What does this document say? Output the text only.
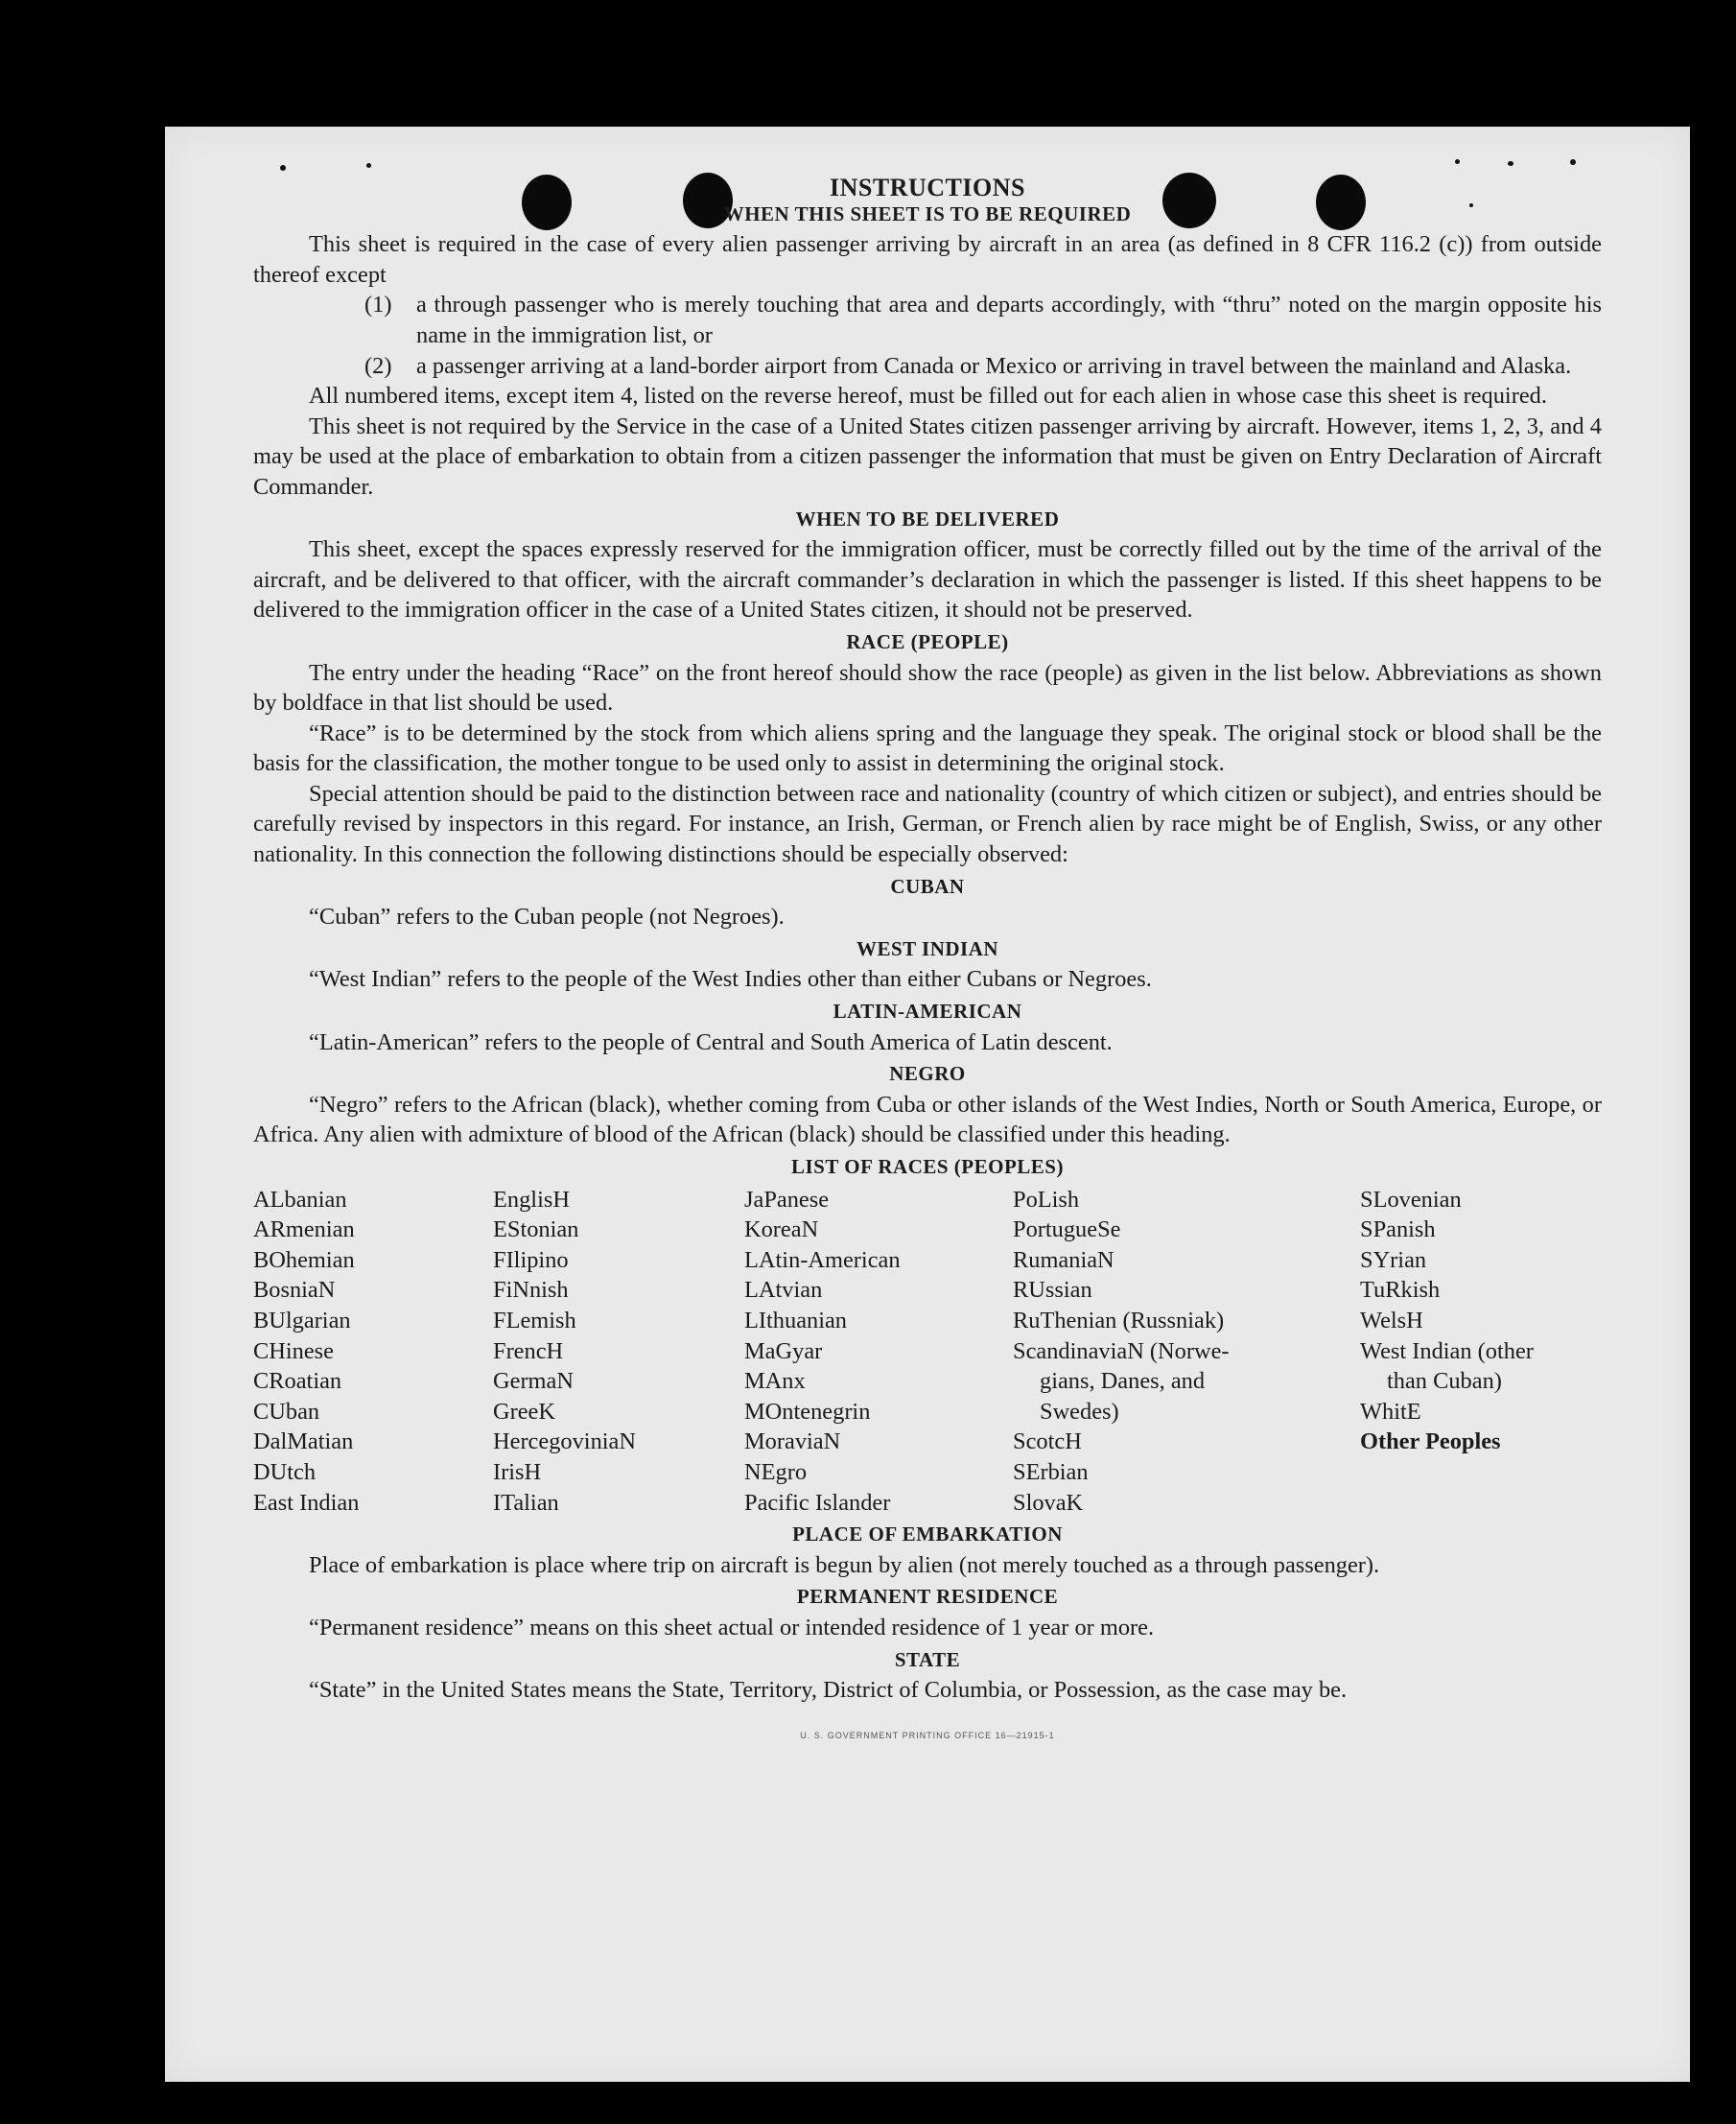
INSTRUCTIONS
WHEN THIS SHEET IS TO BE REQUIRED

This sheet is required in the case of every alien passenger arriving by aircraft in an area (as defined in 8 CFR 116.2 (c)) from outside thereof except

(1)	a through passenger who is merely touching that area and departs accordingly, with “thru” noted on the margin opposite his name in the immigration list, or
(2)	a passenger arriving at a land-border airport from Canada or Mexico or arriving in travel between the mainland and Alaska.

All numbered items, except item 4, listed on the reverse hereof, must be filled out for each alien in whose case this sheet is required.

This sheet is not required by the Service in the case of a United States citizen passenger arriving by aircraft. However, items 1, 2, 3, and 4 may be used at the place of embarkation to obtain from a citizen passenger the information that must be given on Entry Declaration of Aircraft Commander.

WHEN TO BE DELIVERED

This sheet, except the spaces expressly reserved for the immigration officer, must be correctly filled out by the time of the arrival of the aircraft, and be delivered to that officer, with the aircraft commander’s declaration in which the passenger is listed. If this sheet happens to be delivered to the immigration officer in the case of a United States citizen, it should not be preserved.

RACE (PEOPLE)

The entry under the heading “Race” on the front hereof should show the race (people) as given in the list below. Abbreviations as shown by boldface in that list should be used.

“Race” is to be determined by the stock from which aliens spring and the language they speak. The original stock or blood shall be the basis for the classification, the mother tongue to be used only to assist in determining the original stock.

Special attention should be paid to the distinction between race and nationality (country of which citizen or subject), and entries should be carefully revised by inspectors in this regard. For instance, an Irish, German, or French alien by race might be of English, Swiss, or any other nationality. In this connection the following distinctions should be especially observed:

CUBAN

“Cuban” refers to the Cuban people (not Negroes).

WEST INDIAN

“West Indian” refers to the people of the West Indies other than either Cubans or Negroes.

LATIN-AMERICAN

“Latin-American” refers to the people of Central and South America of Latin descent.

NEGRO

“Negro” refers to the African (black), whether coming from Cuba or other islands of the West Indies, North or South America, Europe, or Africa. Any alien with admixture of blood of the African (black) should be classified under this heading.

LIST OF RACES (PEOPLES)
ALbanian
ARmenian
BOhemian
BosniaN
BUlgarian
CHinese
CRoatian
CUban
DalMatian
DUtch
East Indian
EnglisH
EStonian
FIlipino
FiNnish
FLemish
FrencH
GermaN
GreeK
HercegoviniaN
IrisH
ITalian
JaPanese
KoreaN
LAtin-American
LAtvian
LIthuanian
MaGyar
MAnx
MOntenegrin
MoraviaN
NEgro
Pacific Islander
PoLish
PortugueSe
RumaniaN
RUssian
RuThenian (Russniak)
ScandinaviaN (Norwe-
gians, Danes, and
Swedes)
ScotcH
SErbian
SlovaK
SLovenian
SPanish
SYrian
TuRkish
WelsH
West Indian (other
than Cuban)
WhitE
Other Peoples
PLACE OF EMBARKATION

Place of embarkation is place where trip on aircraft is begun by alien (not merely touched as a through passenger).

PERMANENT RESIDENCE

“Permanent residence” means on this sheet actual or intended residence of 1 year or more.

STATE

“State” in the United States means the State, Territory, District of Columbia, or Possession, as the case may be.

U. S. GOVERNMENT PRINTING OFFICE 16—21915-1
